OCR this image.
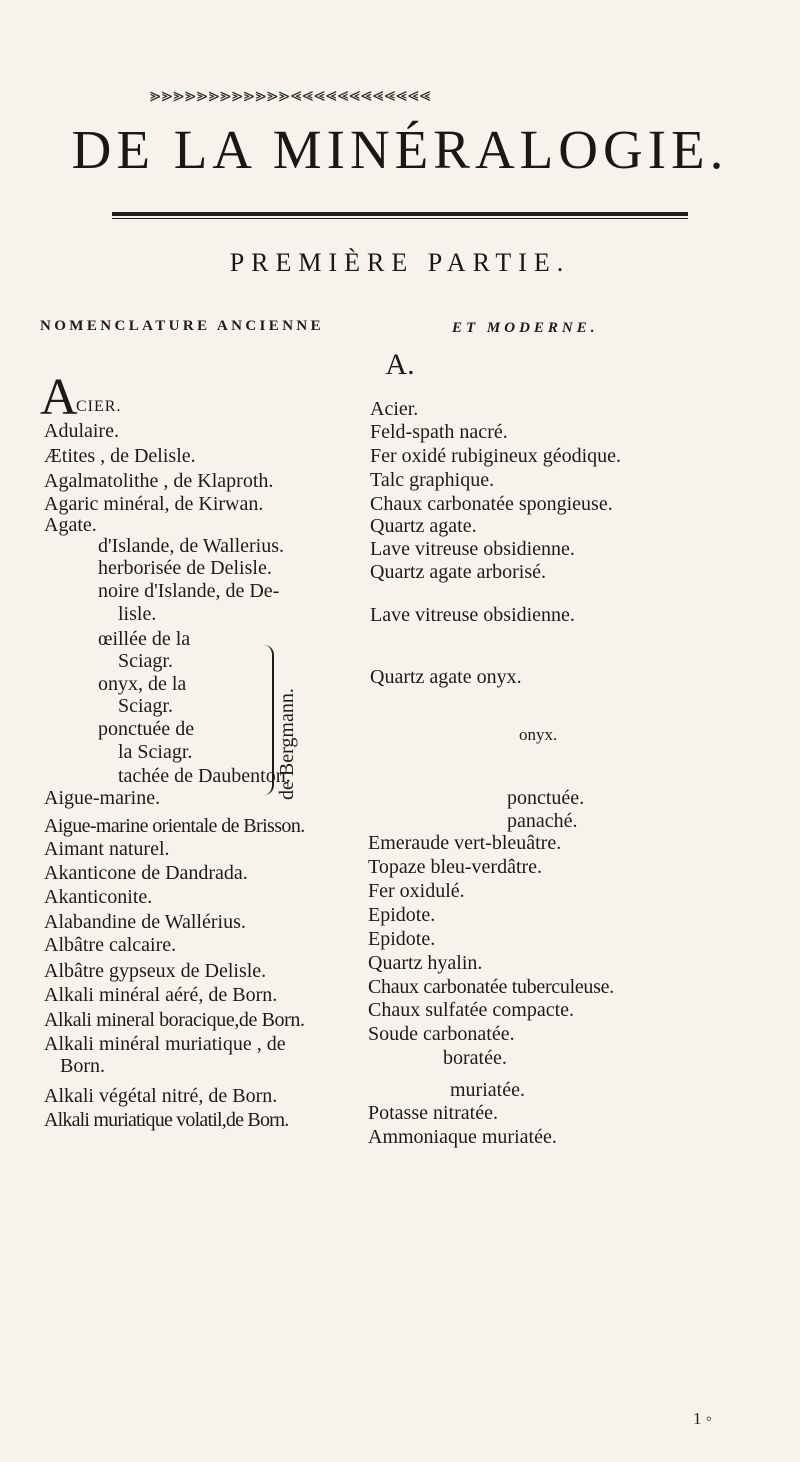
⪢⪢⪢⪢⪢⪢⪢⪢⪢⪢⪢⪢⪡⪡⪡⪡⪡⪡⪡⪡⪡⪡⪡⪡
DE LA MINÉRALOGIE.
PREMIÈRE PARTIE.
NOMENCLATURE ANCIENNE	ET MODERNE.
A.
A
CIER.
Adulaire.
Ætites , de Delisle.
Agalmatolithe , de Klaproth.
Agaric minéral, de Kirwan.
Agate.
d'Islande, de Wallerius.
herborisée de Delisle.
noire d'Islande, de De-
lisle.
œillée de la
Sciagr.
onyx, de la
Sciagr.
ponctuée de
la Sciagr.
tachée de Daubenton.
Aigue-marine.
Aigue-marine orientale de Brisson.
Aimant naturel.
Akanticone de Dandrada.
Akanticonite.
Alabandine de Wallérius.
Albâtre calcaire.
Albâtre gypseux de Delisle.
Alkali minéral aéré, de Born.
Alkali mineral boracique,de Born.
Alkali minéral muriatique , de
Born.
Alkali végétal nitré, de Born.
Alkali muriatique volatil,de Born.
de Bergmann.
Acier.
Feld-spath nacré.
Fer oxidé rubigineux géodique.
Talc graphique.
Chaux carbonatée spongieuse.
Quartz agate.
Lave vitreuse obsidienne.
Quartz agate arborisé.
Lave vitreuse obsidienne.
Quartz agate onyx.
onyx.
ponctuée.
panaché.
Emeraude vert-bleuâtre.
Topaze bleu-verdâtre.
Fer oxidulé.
Epidote.
Epidote.
Quartz hyalin.
Chaux carbonatée tuberculeuse.
Chaux sulfatée compacte.
Soude carbonatée.
boratée.
muriatée.
Potasse nitratée.
Ammoniaque muriatée.
1 ◦
